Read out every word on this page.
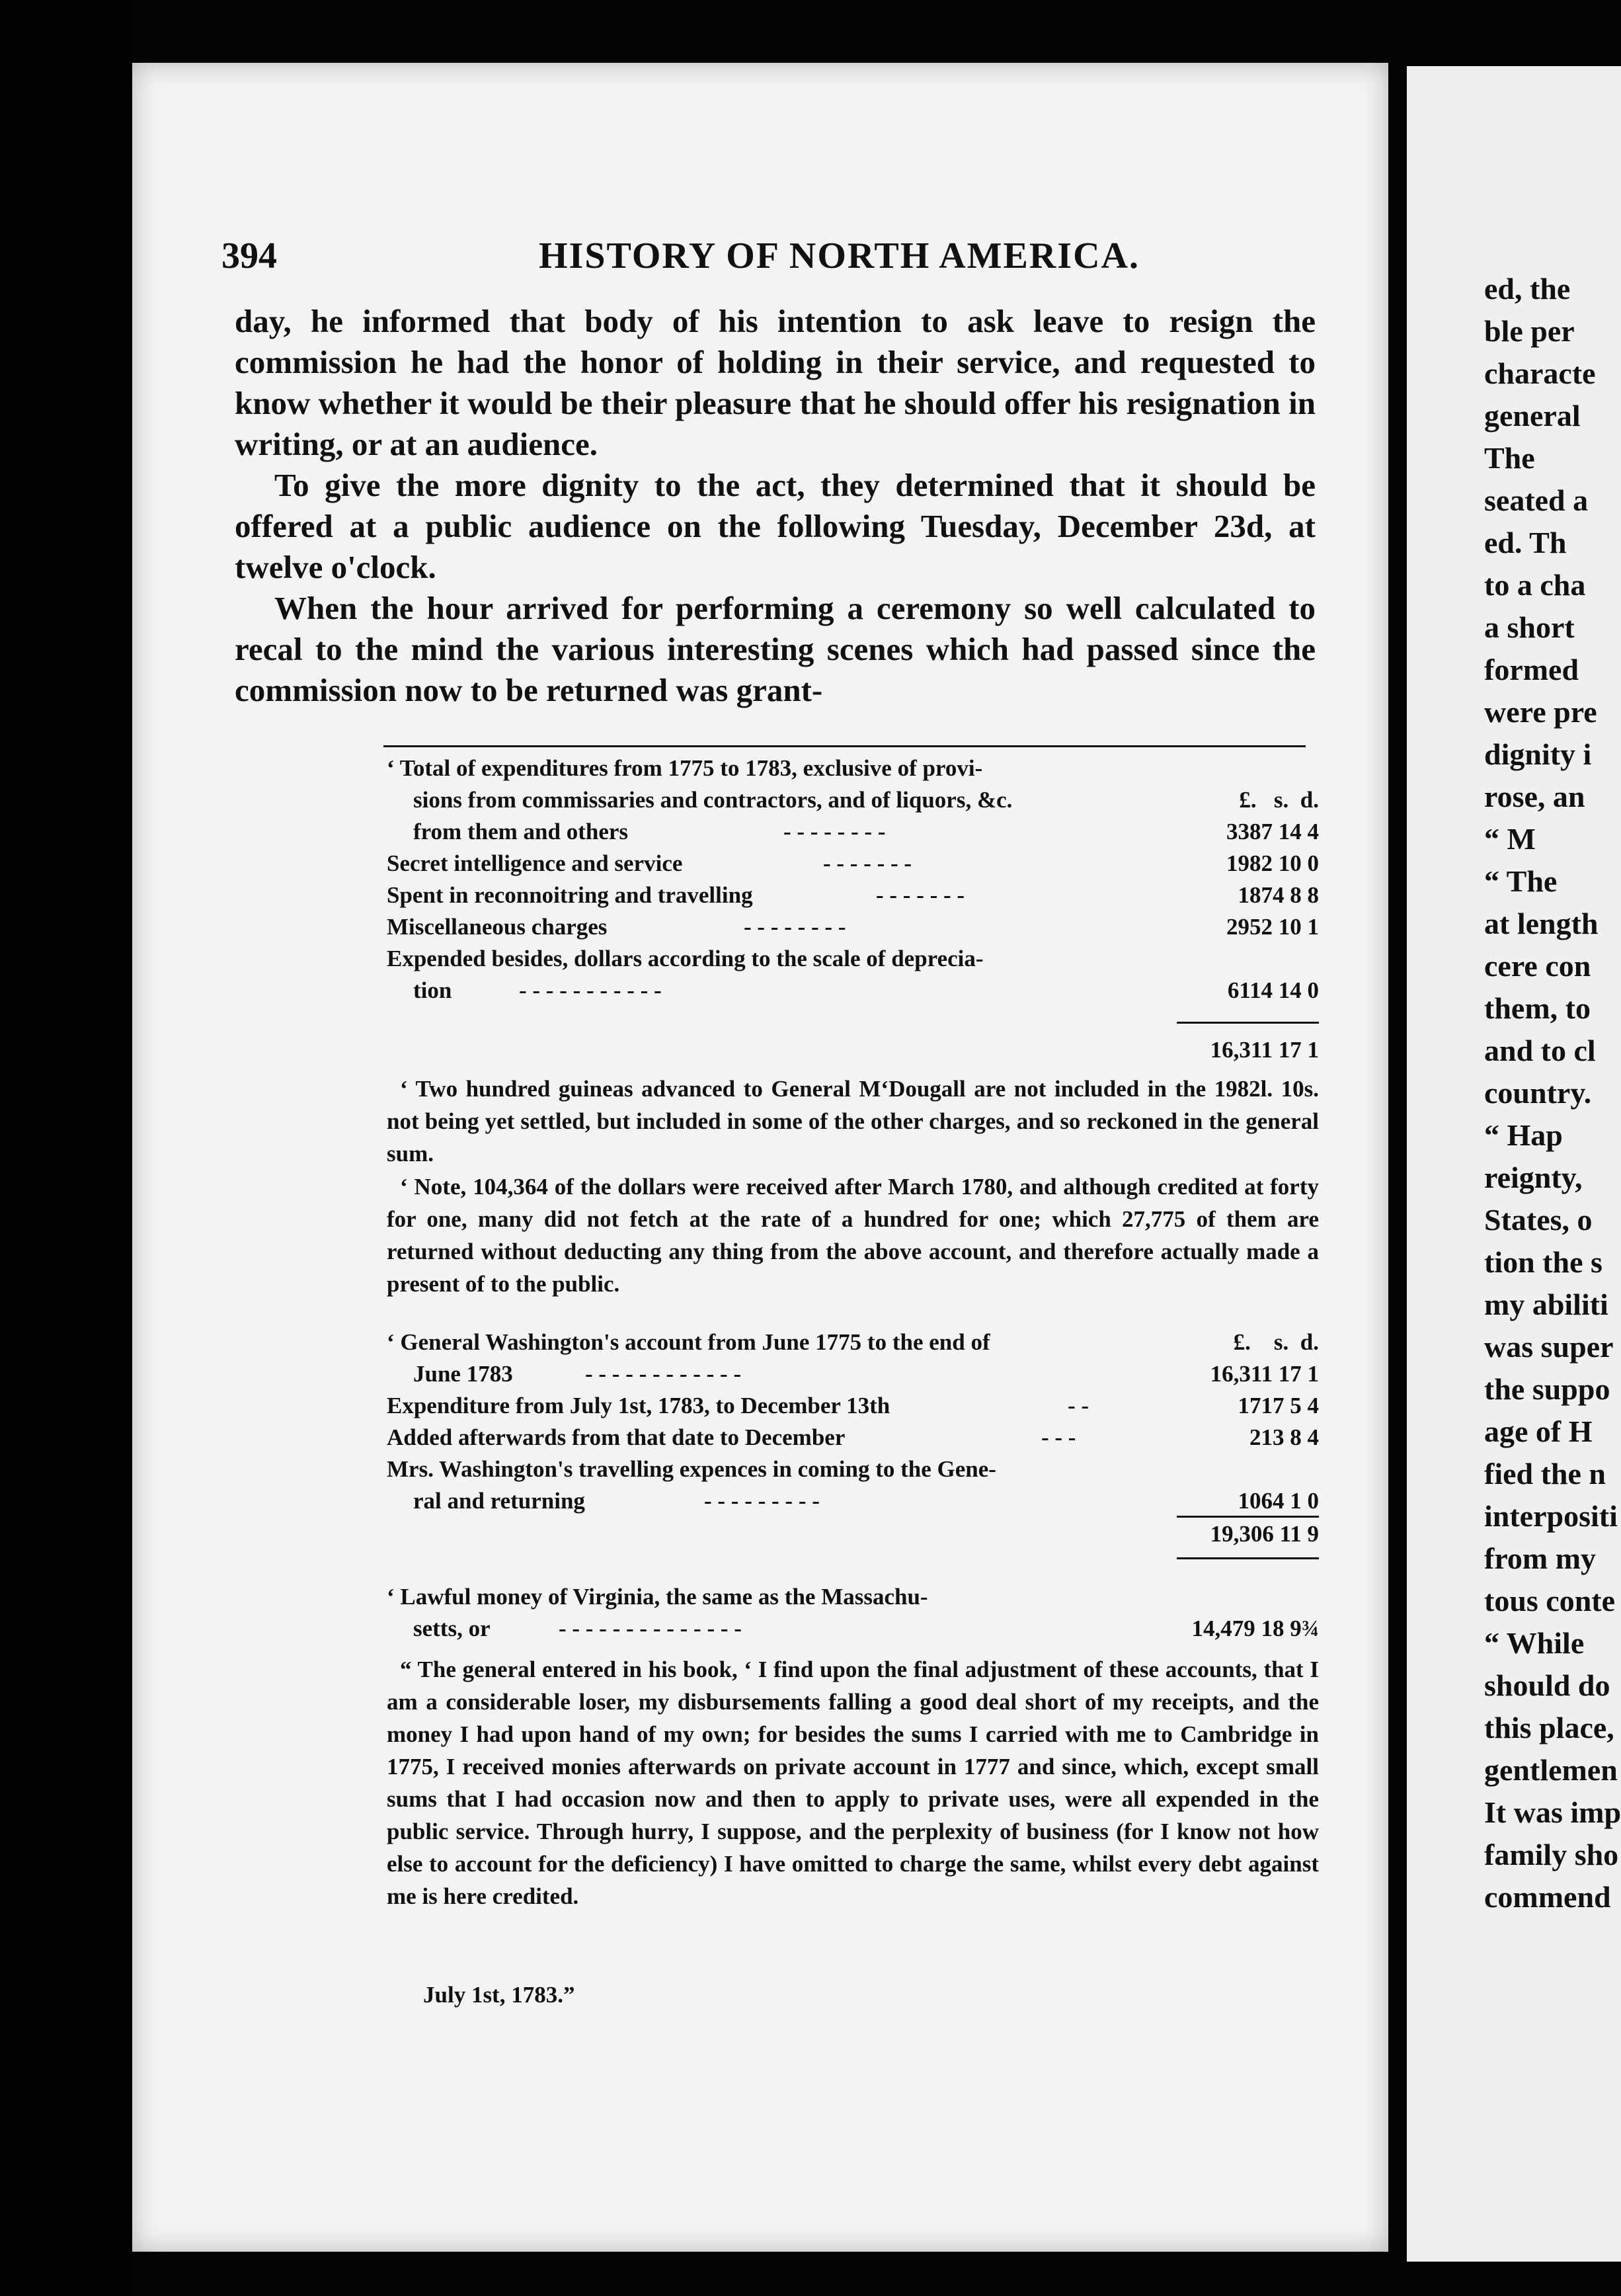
394	HISTORY OF NORTH AMERICA.

day, he informed that body of his intention to ask leave to resign the commission he had the honor of holding in their service, and requested to know whether it would be their pleasure that he should offer his resignation in writing, or at an audience.

To give the more dignity to the act, they determined that it should be offered at a public audience on the following Tuesday, December 23d, at twelve o'clock.

When the hour arrived for performing a ceremony so well calculated to recal to the mind the various interesting scenes which had passed since the commission now to be returned was grant-

‘ Total of expenditures from 1775 to 1783, exclusive of provi-
sions from commissaries and contractors, and of liquors, &c.	£. s. d.
from them and others	- - - - - - - -	3387 14 4
Secret intelligence and service	- - - - - - -	1982 10 0
Spent in reconnoitring and travelling	- - - - - - -	1874 8 8
Miscellaneous charges	- - - - - - - -	2952 10 1
Expended besides, dollars according to the scale of deprecia-
tion	- - - - - - - - - - -	6114 14 0
16,311 17 1

‘ Two hundred guineas advanced to General M‘Dougall are not included in the 1982l. 10s. not being yet settled, but included in some of the other charges, and so reckoned in the general sum.

‘ Note, 104,364 of the dollars were received after March 1780, and although credited at forty for one, many did not fetch at the rate of a hundred for one; which 27,775 of them are returned without deducting any thing from the above account, and therefore actually made a present of to the public.

‘ General Washington's account from June 1775 to the end of	£. s. d.
June 1783	- - - - - - - - - - - -	16,311 17 1
Expenditure from July 1st, 1783, to December 13th	- -	1717 5 4
Added afterwards from that date to December	- - -	213 8 4
Mrs. Washington's travelling expences in coming to the Gene-
ral and returning	- - - - - - - - -	1064 1 0
19,306 11 9
‘ Lawful money of Virginia, the same as the Massachu-
setts, or	- - - - - - - - - - - - - -	14,479 18 9¾

“ The general entered in his book, ‘ I find upon the final adjustment of these accounts, that I am a considerable loser, my disbursements falling a good deal short of my receipts, and the money I had upon hand of my own; for besides the sums I carried with me to Cambridge in 1775, I received monies afterwards on private account in 1777 and since, which, except small sums that I had occasion now and then to apply to private uses, were all expended in the public service. Through hurry, I suppose, and the perplexity of business (for I know not how else to account for the deficiency) I have omitted to charge the same, whilst every debt against me is here credited.

July 1st, 1783.”
ed, the
ble per
characte
general
The
seated a
ed. Th
to a cha
a short
formed
were pre
dignity i
rose, an
“ M
“ The
at length
cere con
them, to
and to cl
country.
“ Hap
reignty,
States, o
tion the s
my abiliti
was super
the suppo
age of H
fied the n
interpositi
from my
tous conte
“ While
should do
this place,
gentlemen
It was imp
family sho
commend
